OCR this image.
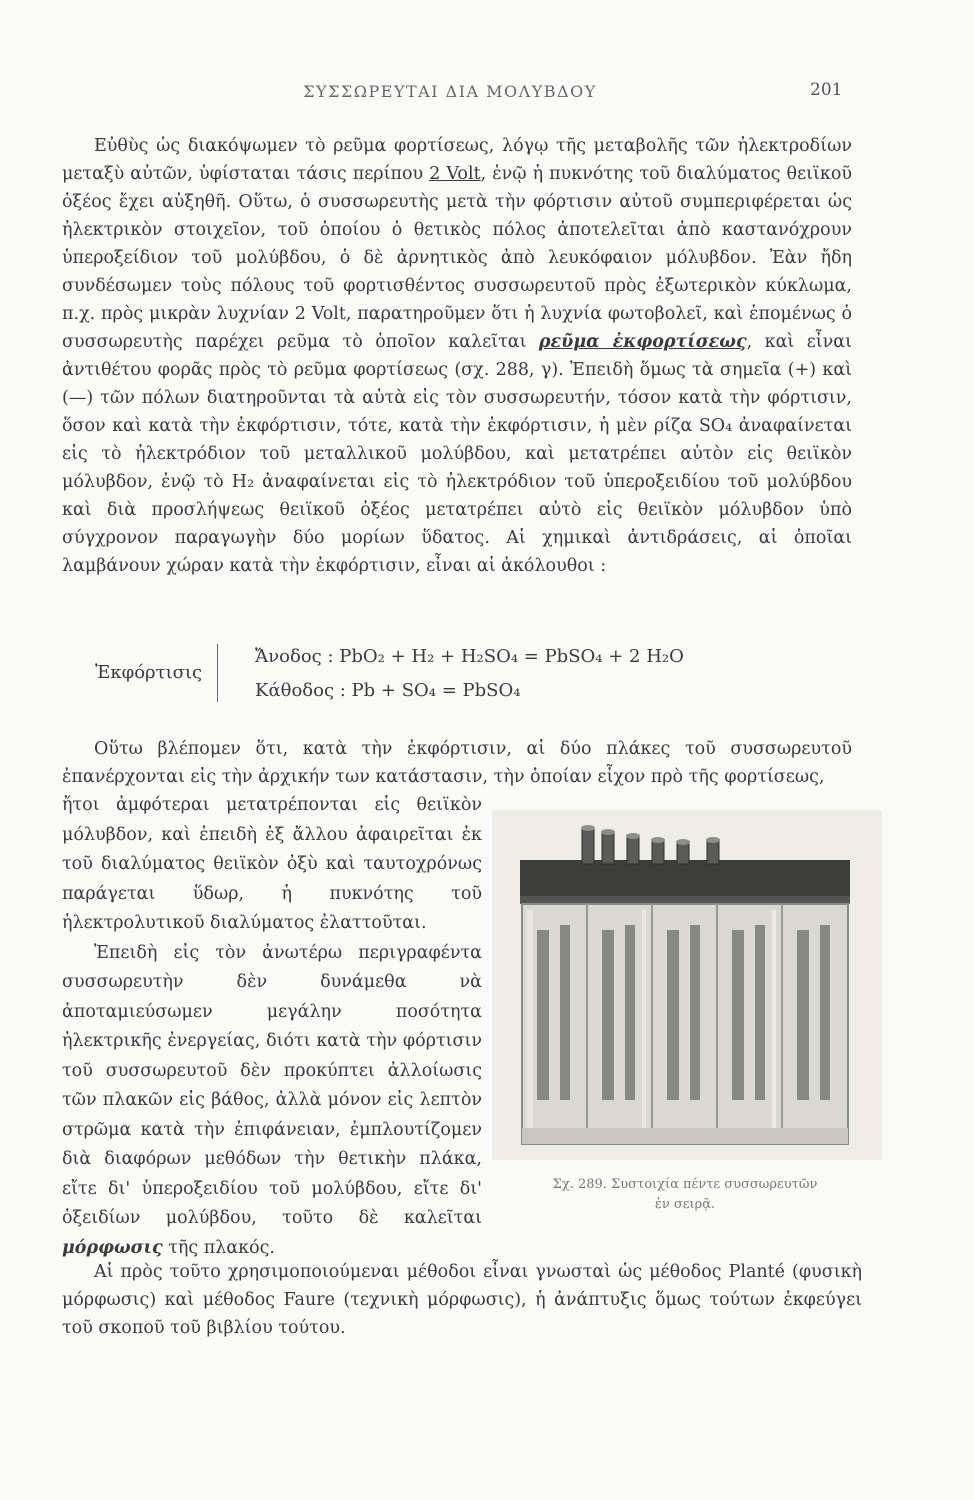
ΣΥΣΣΩΡΕΥΤΑΙ ΔΙΑ ΜΟΛΥΒΔΟΥ	201

Εὐθὺς ὡς διακόψωμεν τὸ ρεῦμα φορτίσεως, λόγῳ τῆς μεταβολῆς τῶν ἠλεκτροδίων μεταξὺ αὐτῶν, ὑφίσταται τάσις περίπου 2 Volt, ἐνῷ ἡ πυκνότης τοῦ διαλύματος θειϊκοῦ ὀξέος ἔχει αὐξηθῆ. Οὕτω, ὁ συσσωρευτὴς μετὰ τὴν φόρτισιν αὐτοῦ συμπεριφέρεται ὡς ἠλεκτρικὸν στοιχεῖον, τοῦ ὁποίου ὁ θετικὸς πόλος ἀποτελεῖται ἀπὸ καστανόχρουν ὑπεροξείδιον τοῦ μολύβδου, ὁ δὲ ἀρνητικὸς ἀπὸ λευκόφαιον μόλυβδον. Ἐὰν ἤδη συνδέσωμεν τοὺς πόλους τοῦ φορτισθέντος συσσωρευτοῦ πρὸς ἐξωτερικὸν κύκλωμα, π.χ. πρὸς μικρὰν λυχνίαν 2 Volt, παρατηροῦμεν ὅτι ἡ λυχνία φωτοβολεῖ, καὶ ἑπομένως ὁ συσσωρευτὴς παρέχει ρεῦμα τὸ ὁποῖον καλεῖται ρεῦμα ἐκφορτίσεως, καὶ εἶναι ἀντιθέτου φορᾶς πρὸς τὸ ρεῦμα φορτίσεως (σχ. 288, γ). Ἐπειδὴ ὅμως τὰ σημεῖα (+) καὶ (—) τῶν πόλων διατηροῦνται τὰ αὐτὰ εἰς τὸν συσσωρευτήν, τόσον κατὰ τὴν φόρτισιν, ὅσον καὶ κατὰ τὴν ἐκφόρτισιν, τότε, κατὰ τὴν ἐκφόρτισιν, ἡ μὲν ρίζα SO₄ ἀναφαίνεται εἰς τὸ ἠλεκτρόδιον τοῦ μεταλλικοῦ μολύβδου, καὶ μετατρέπει αὐτὸν εἰς θειϊκὸν μόλυβδον, ἐνῷ τὸ H₂ ἀναφαίνεται εἰς τὸ ἠλεκτρόδιον τοῦ ὑπεροξειδίου τοῦ μολύβδου καὶ διὰ προσλήψεως θειϊκοῦ ὀξέος μετατρέπει αὐτὸ εἰς θειϊκὸν μόλυβδον ὑπὸ σύγχρονον παραγωγὴν δύο μορίων ὕδατος. Αἱ χημικαὶ ἀντιδράσεις, αἱ ὁποῖαι λαμβάνουν χώραν κατὰ τὴν ἐκφόρτισιν, εἶναι αἱ ἀκόλουθοι :

Ἐκφόρτισις
Ἄνοδος : PbO₂ + H₂ + H₂SO₄ = PbSO₄ + 2 H₂O
Κάθοδος : Pb + SO₄ = PbSO₄

Οὕτω βλέπομεν ὅτι, κατὰ τὴν ἐκφόρτισιν, αἱ δύο πλάκες τοῦ συσσωρευτοῦ ἐπανέρχονται εἰς τὴν ἀρχικήν των κατάστασιν, τὴν ὁποίαν εἶχον πρὸ τῆς φορτίσεως,

ἤτοι ἀμφότεραι μετατρέπονται εἰς θειϊκὸν μόλυβδον, καὶ ἐπειδὴ ἐξ ἄλλου ἀφαιρεῖται ἐκ τοῦ διαλύματος θειϊκὸν ὀξὺ καὶ ταυτοχρόνως παράγεται ὕδωρ, ἡ πυκνότης τοῦ ἠλεκτρολυτικοῦ διαλύματος ἐλαττοῦται.

Ἐπειδὴ εἰς τὸν ἀνωτέρω περιγραφέντα συσσωρευτὴν δὲν δυνάμεθα νὰ ἀποταμιεύσωμεν μεγάλην ποσότητα ἠλεκτρικῆς ἐνεργείας, διότι κατὰ τὴν φόρτισιν τοῦ συσσωρευτοῦ δὲν προκύπτει ἀλλοίωσις τῶν πλακῶν εἰς βάθος, ἀλλὰ μόνον εἰς λεπτὸν στρῶμα κατὰ τὴν ἐπιφάνειαν, ἐμπλουτίζομεν διὰ διαφόρων μεθόδων τὴν θετικὴν πλάκα, εἴτε δι' ὑπεροξειδίου τοῦ μολύβδου, εἴτε δι' ὀξειδίων μολύβδου, τοῦτο δὲ καλεῖται μόρφωσις τῆς πλακός.

Σχ. 289. Συστοιχία πέντε συσσωρευτῶν
ἐν σειρᾷ.

Αἱ πρὸς τοῦτο χρησιμοποιούμεναι μέθοδοι εἶναι γνωσταὶ ὡς μέθοδος Planté (φυσικὴ μόρφωσις) καὶ μέθοδος Faure (τεχνικὴ μόρφωσις), ἡ ἀνάπτυξις ὅμως τούτων ἐκφεύγει τοῦ σκοποῦ τοῦ βιβλίου τούτου.
